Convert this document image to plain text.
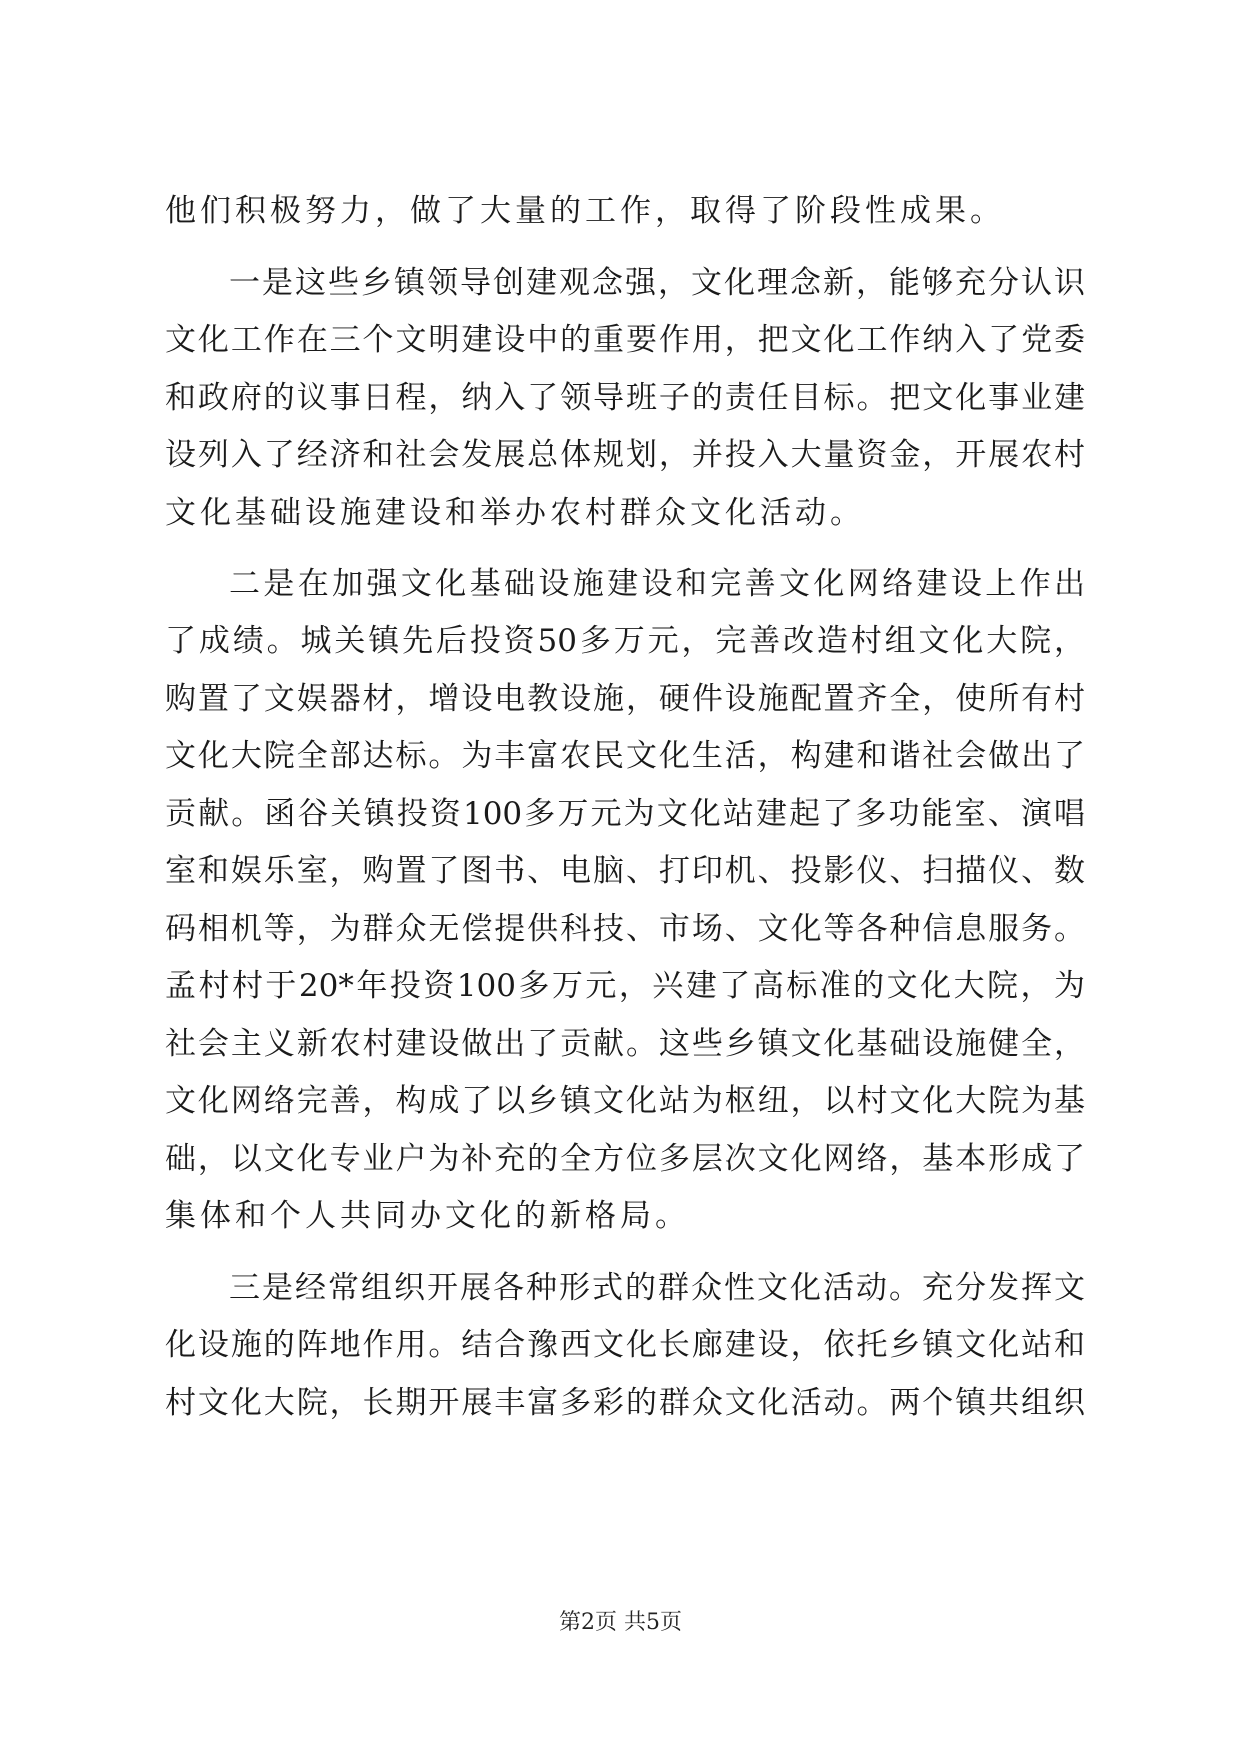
他们积极努力，做了大量的工作，取得了阶段性成果。
一是这些乡镇领导创建观念强，文化理念新，能够充分认识
文化工作在三个文明建设中的重要作用，把文化工作纳入了党委
和政府的议事日程，纳入了领导班子的责任目标。把文化事业建
设列入了经济和社会发展总体规划，并投入大量资金，开展农村
文化基础设施建设和举办农村群众文化活动。
二是在加强文化基础设施建设和完善文化网络建设上作出
了成绩。城关镇先后投资50多万元，完善改造村组文化大院，
购置了文娱器材，增设电教设施，硬件设施配置齐全，使所有村
文化大院全部达标。为丰富农民文化生活，构建和谐社会做出了
贡献。函谷关镇投资100多万元为文化站建起了多功能室、演唱
室和娱乐室，购置了图书、电脑、打印机、投影仪、扫描仪、数
码相机等，为群众无偿提供科技、市场、文化等各种信息服务。
孟村村于20*年投资100多万元，兴建了高标准的文化大院，为
社会主义新农村建设做出了贡献。这些乡镇文化基础设施健全，
文化网络完善，构成了以乡镇文化站为枢纽，以村文化大院为基
础，以文化专业户为补充的全方位多层次文化网络，基本形成了
集体和个人共同办文化的新格局。
三是经常组织开展各种形式的群众性文化活动。充分发挥文
化设施的阵地作用。结合豫西文化长廊建设，依托乡镇文化站和
村文化大院，长期开展丰富多彩的群众文化活动。两个镇共组织
第2页 共5页
